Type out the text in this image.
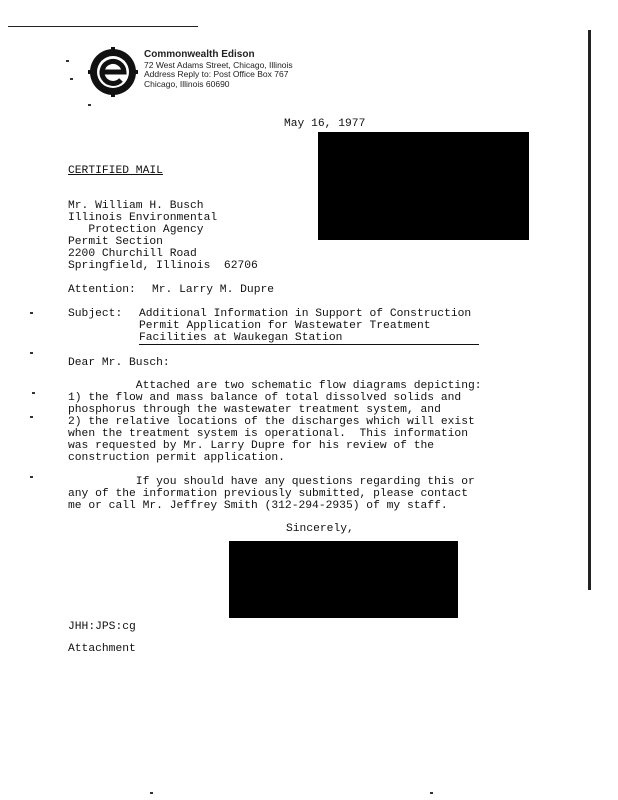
Commonwealth Edison
72 West Adams Street, Chicago, Illinois
Address Reply to: Post Office Box 767
Chicago, Illinois 60690
May 16, 1977
CERTIFIED MAIL
Mr. William H. Busch
Illinois Environmental
Protection Agency
Permit Section
2200 Churchill Road
Springfield, Illinois  62706
Attention: Mr. Larry M. Dupre
Subject: Additional Information in Support of Construction
Permit Application for Wastewater Treatment
Facilities at Waukegan Station
Dear Mr. Busch:
Attached are two schematic flow diagrams depicting:
1) the flow and mass balance of total dissolved solids and
phosphorus through the wastewater treatment system, and
2) the relative locations of the discharges which will exist
when the treatment system is operational.  This information
was requested by Mr. Larry Dupre for his review of the
construction permit application.
If you should have any questions regarding this or
any of the information previously submitted, please contact
me or call Mr. Jeffrey Smith (312-294-2935) of my staff.
Sincerely,
JHH:JPS:cg
Attachment
